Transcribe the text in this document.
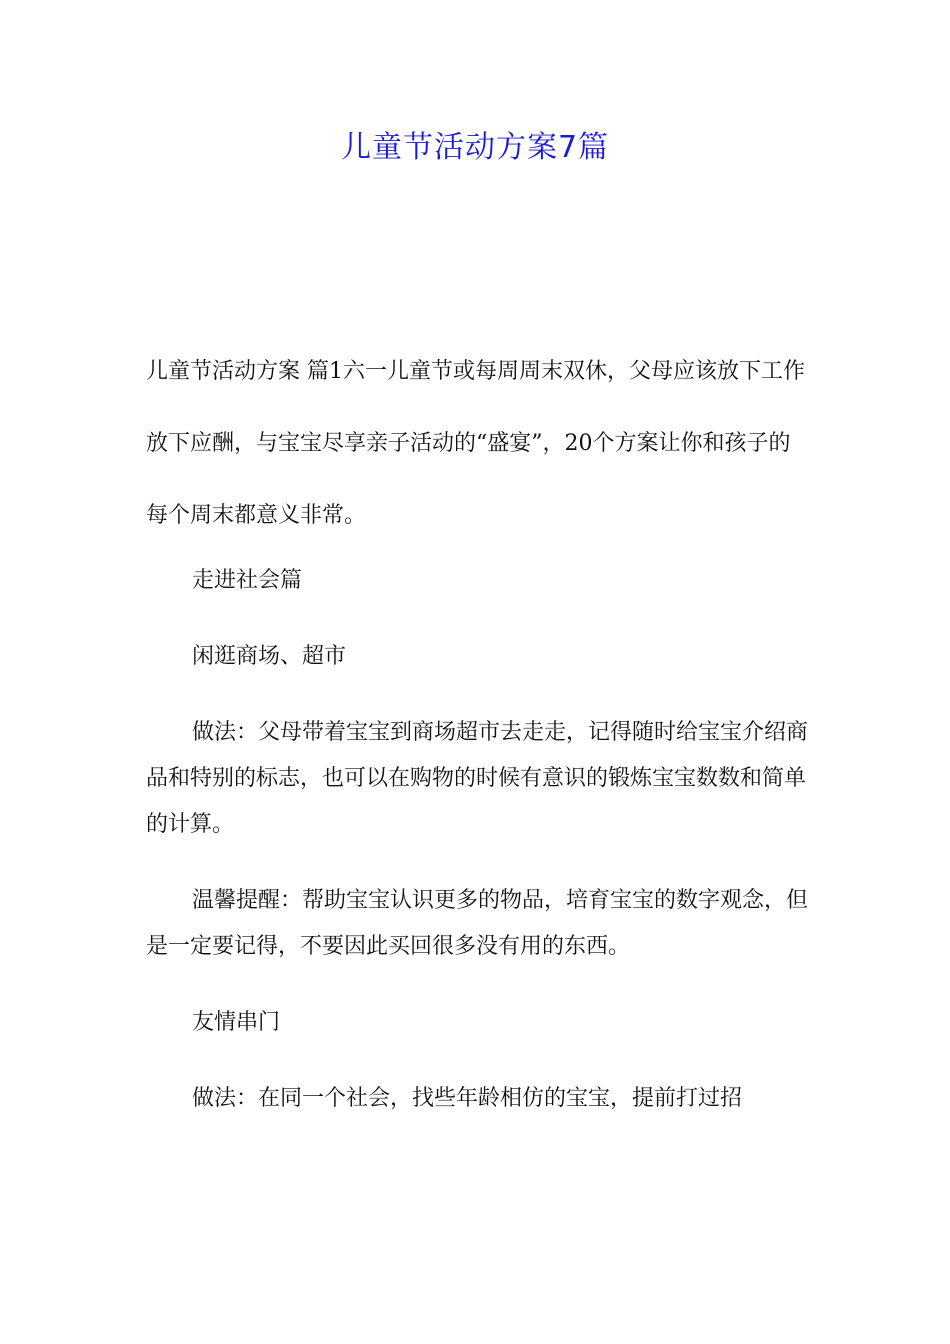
儿童节活动方案7篇

儿童节活动方案 篇1六一儿童节或每周周末双休，父母应该放下工作放下应酬，与宝宝尽享亲子活动的“盛宴”，20个方案让你和孩子的每个周末都意义非常。

走进社会篇

闲逛商场、超市

做法：父母带着宝宝到商场超市去走走，记得随时给宝宝介绍商品和特别的标志，也可以在购物的时候有意识的锻炼宝宝数数和简单的计算。

温馨提醒：帮助宝宝认识更多的物品，培育宝宝的数字观念，但是一定要记得，不要因此买回很多没有用的东西。

友情串门

做法：在同一个社会，找些年龄相仿的宝宝，提前打过招
